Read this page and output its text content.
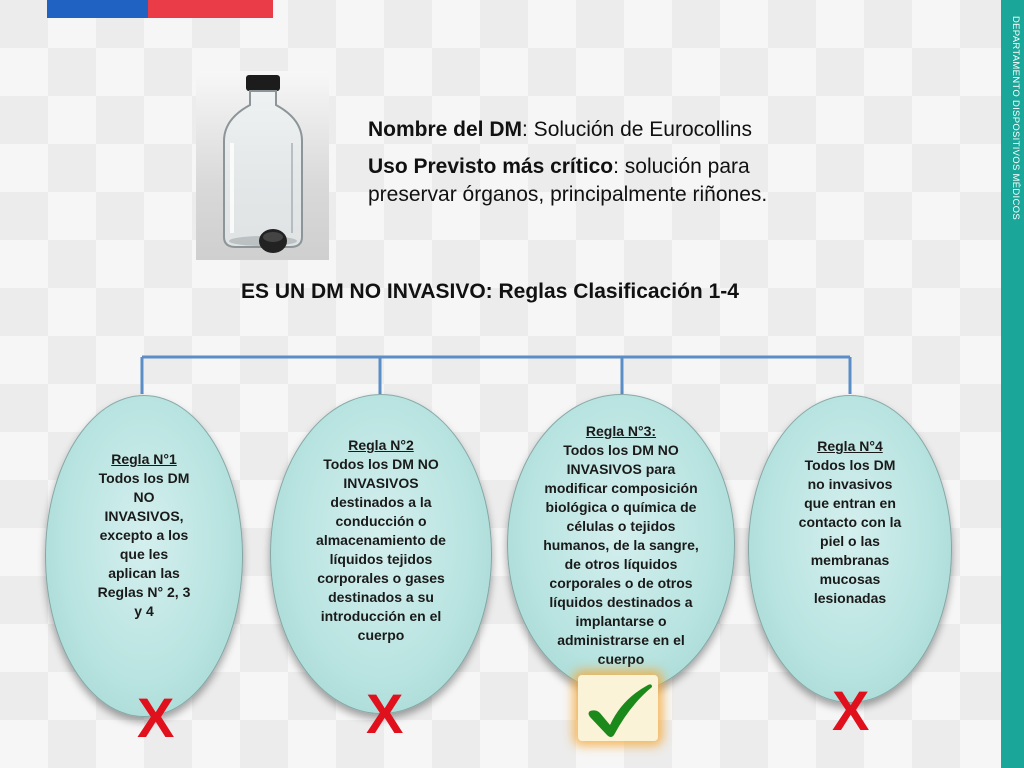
DEPARTAMENTO DISPOSITIVOS MÉDICOS

Nombre del DM: Solución de Eurocollins

Uso Previsto más crítico: solución para
preservar órganos, principalmente riñones.

ES UN DM NO INVASIVO: Reglas Clasificación 1-4
Regla N°1
Todos los DM
NO
INVASIVOS,
excepto a los
que les
aplican las
Reglas N° 2, 3
y 4
Regla N°2
Todos los DM NO
INVASIVOS
destinados a la
conducción o
almacenamiento de
líquidos tejidos
corporales o gases
destinados a su
introducción en el
cuerpo
Regla N°3:
Todos los DM NO
INVASIVOS para
modificar composición
biológica o química de
células o tejidos
humanos, de la sangre,
de otros líquidos
corporales o de otros
líquidos destinados a
implantarse o
administrarse en el
cuerpo
Regla N°4
Todos los DM
no invasivos
que entran en
contacto con la
piel o las
membranas
mucosas
lesionadas
X	X	X
